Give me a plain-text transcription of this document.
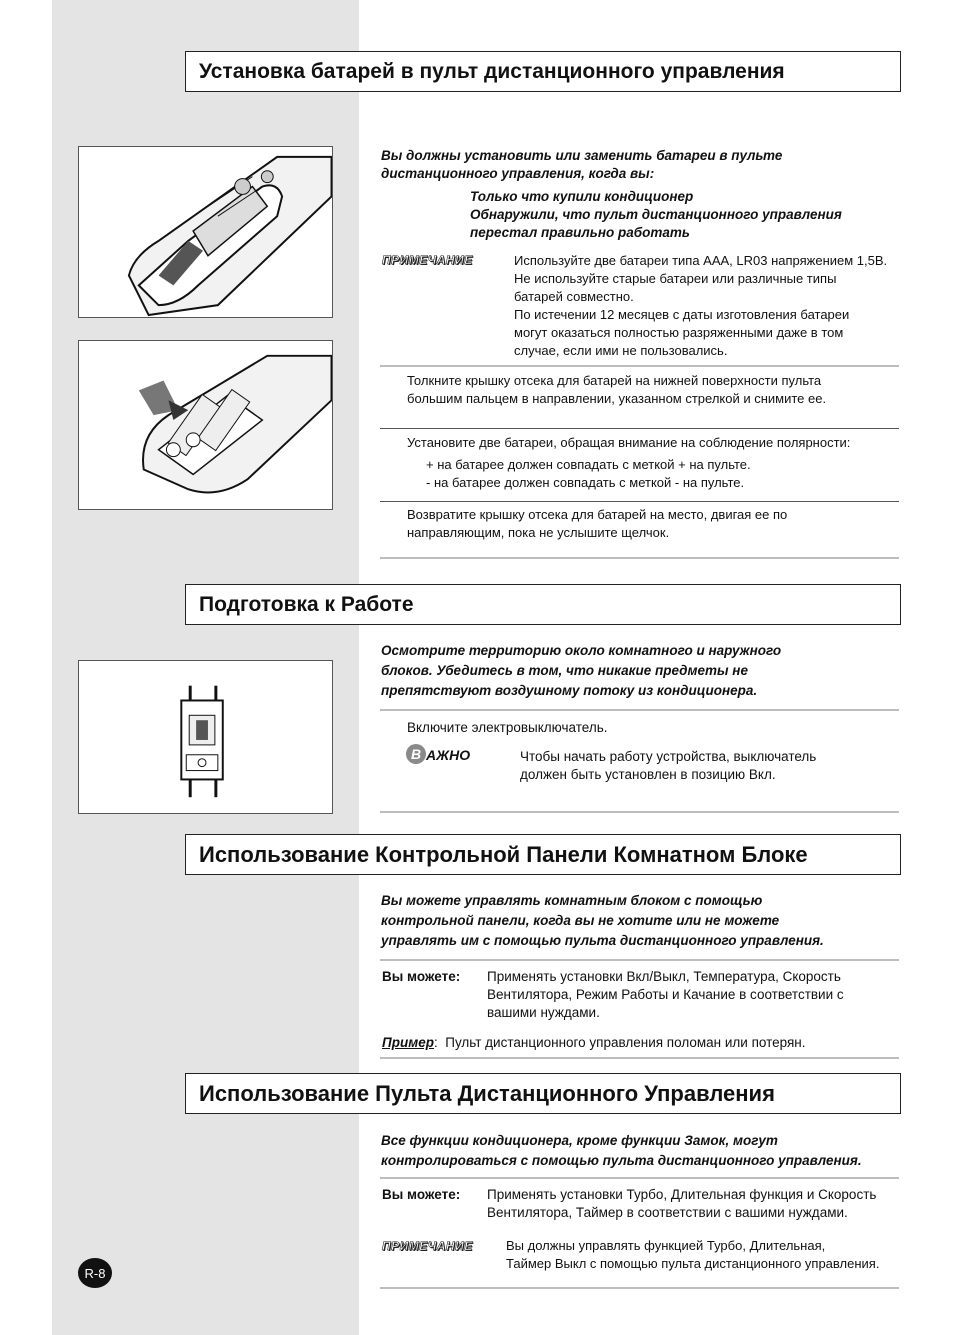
Установка батарей в пульт дистанционного управления
Вы должны установить или заменить батареи в пульте
дистанционного управления, когда вы:
Только что купили кондиционер
Обнаружили, что пульт дистанционного управления
перестал правильно работать
ПРИМЕЧАНИЕ	Используйте две батареи типа AAA, LR03 напряжением 1,5В.
Не используйте старые батареи или различные типы
батарей совместно.
По истечении 12 месяцев с даты изготовления батареи
могут оказаться полностью разряженными даже в том
случае, если ими не пользовались.
Толкните крышку отсека для батарей на нижней поверхности пульта
большим пальцем в направлении, указанном стрелкой и снимите ее.
Установите две батареи, обращая внимание на соблюдение полярности:
+ на батарее должен совпадать с меткой + на пульте.
- на батарее должен совпадать с меткой - на пульте.
Возвратите крышку отсека для батарей на место, двигая ее по
направляющим, пока не услышите щелчок.
Подготовка к Работе
Осмотрите территорию около комнатного и наружного
блоков. Убедитесь в том, что никакие предметы не
препятствуют воздушному потоку из кондиционера.
Включите электровыключатель.
В АЖНО	Чтобы начать работу устройства, выключатель
должен быть установлен в позицию Вкл.
Использование Контрольной Панели Комнатном Блоке
Вы можете управлять комнатным блоком с помощью
контрольной панели, когда вы не хотите или не можете
управлять им с помощью пульта дистанционного управления.
Вы можете: Применять установки Вкл/Выкл, Температура, Скорость
Вентилятора, Режим Работы и Качание в соответствии с
вашими нуждами.
Пример: Пульт дистанционного управления поломан или потерян.
Использование Пульта Дистанционного Управления
Все функции кондиционера, кроме функции Замок, могут
контролироваться с помощью пульта дистанционного управления.
Вы можете: Применять установки Турбо, Длительная функция и Скорость
Вентилятора, Таймер в соответствии с вашими нуждами.
ПРИМЕЧАНИЕ	Вы должны управлять функцией Турбо, Длительная,
Таймер Выкл с помощью пульта дистанционного управления.
R-8
